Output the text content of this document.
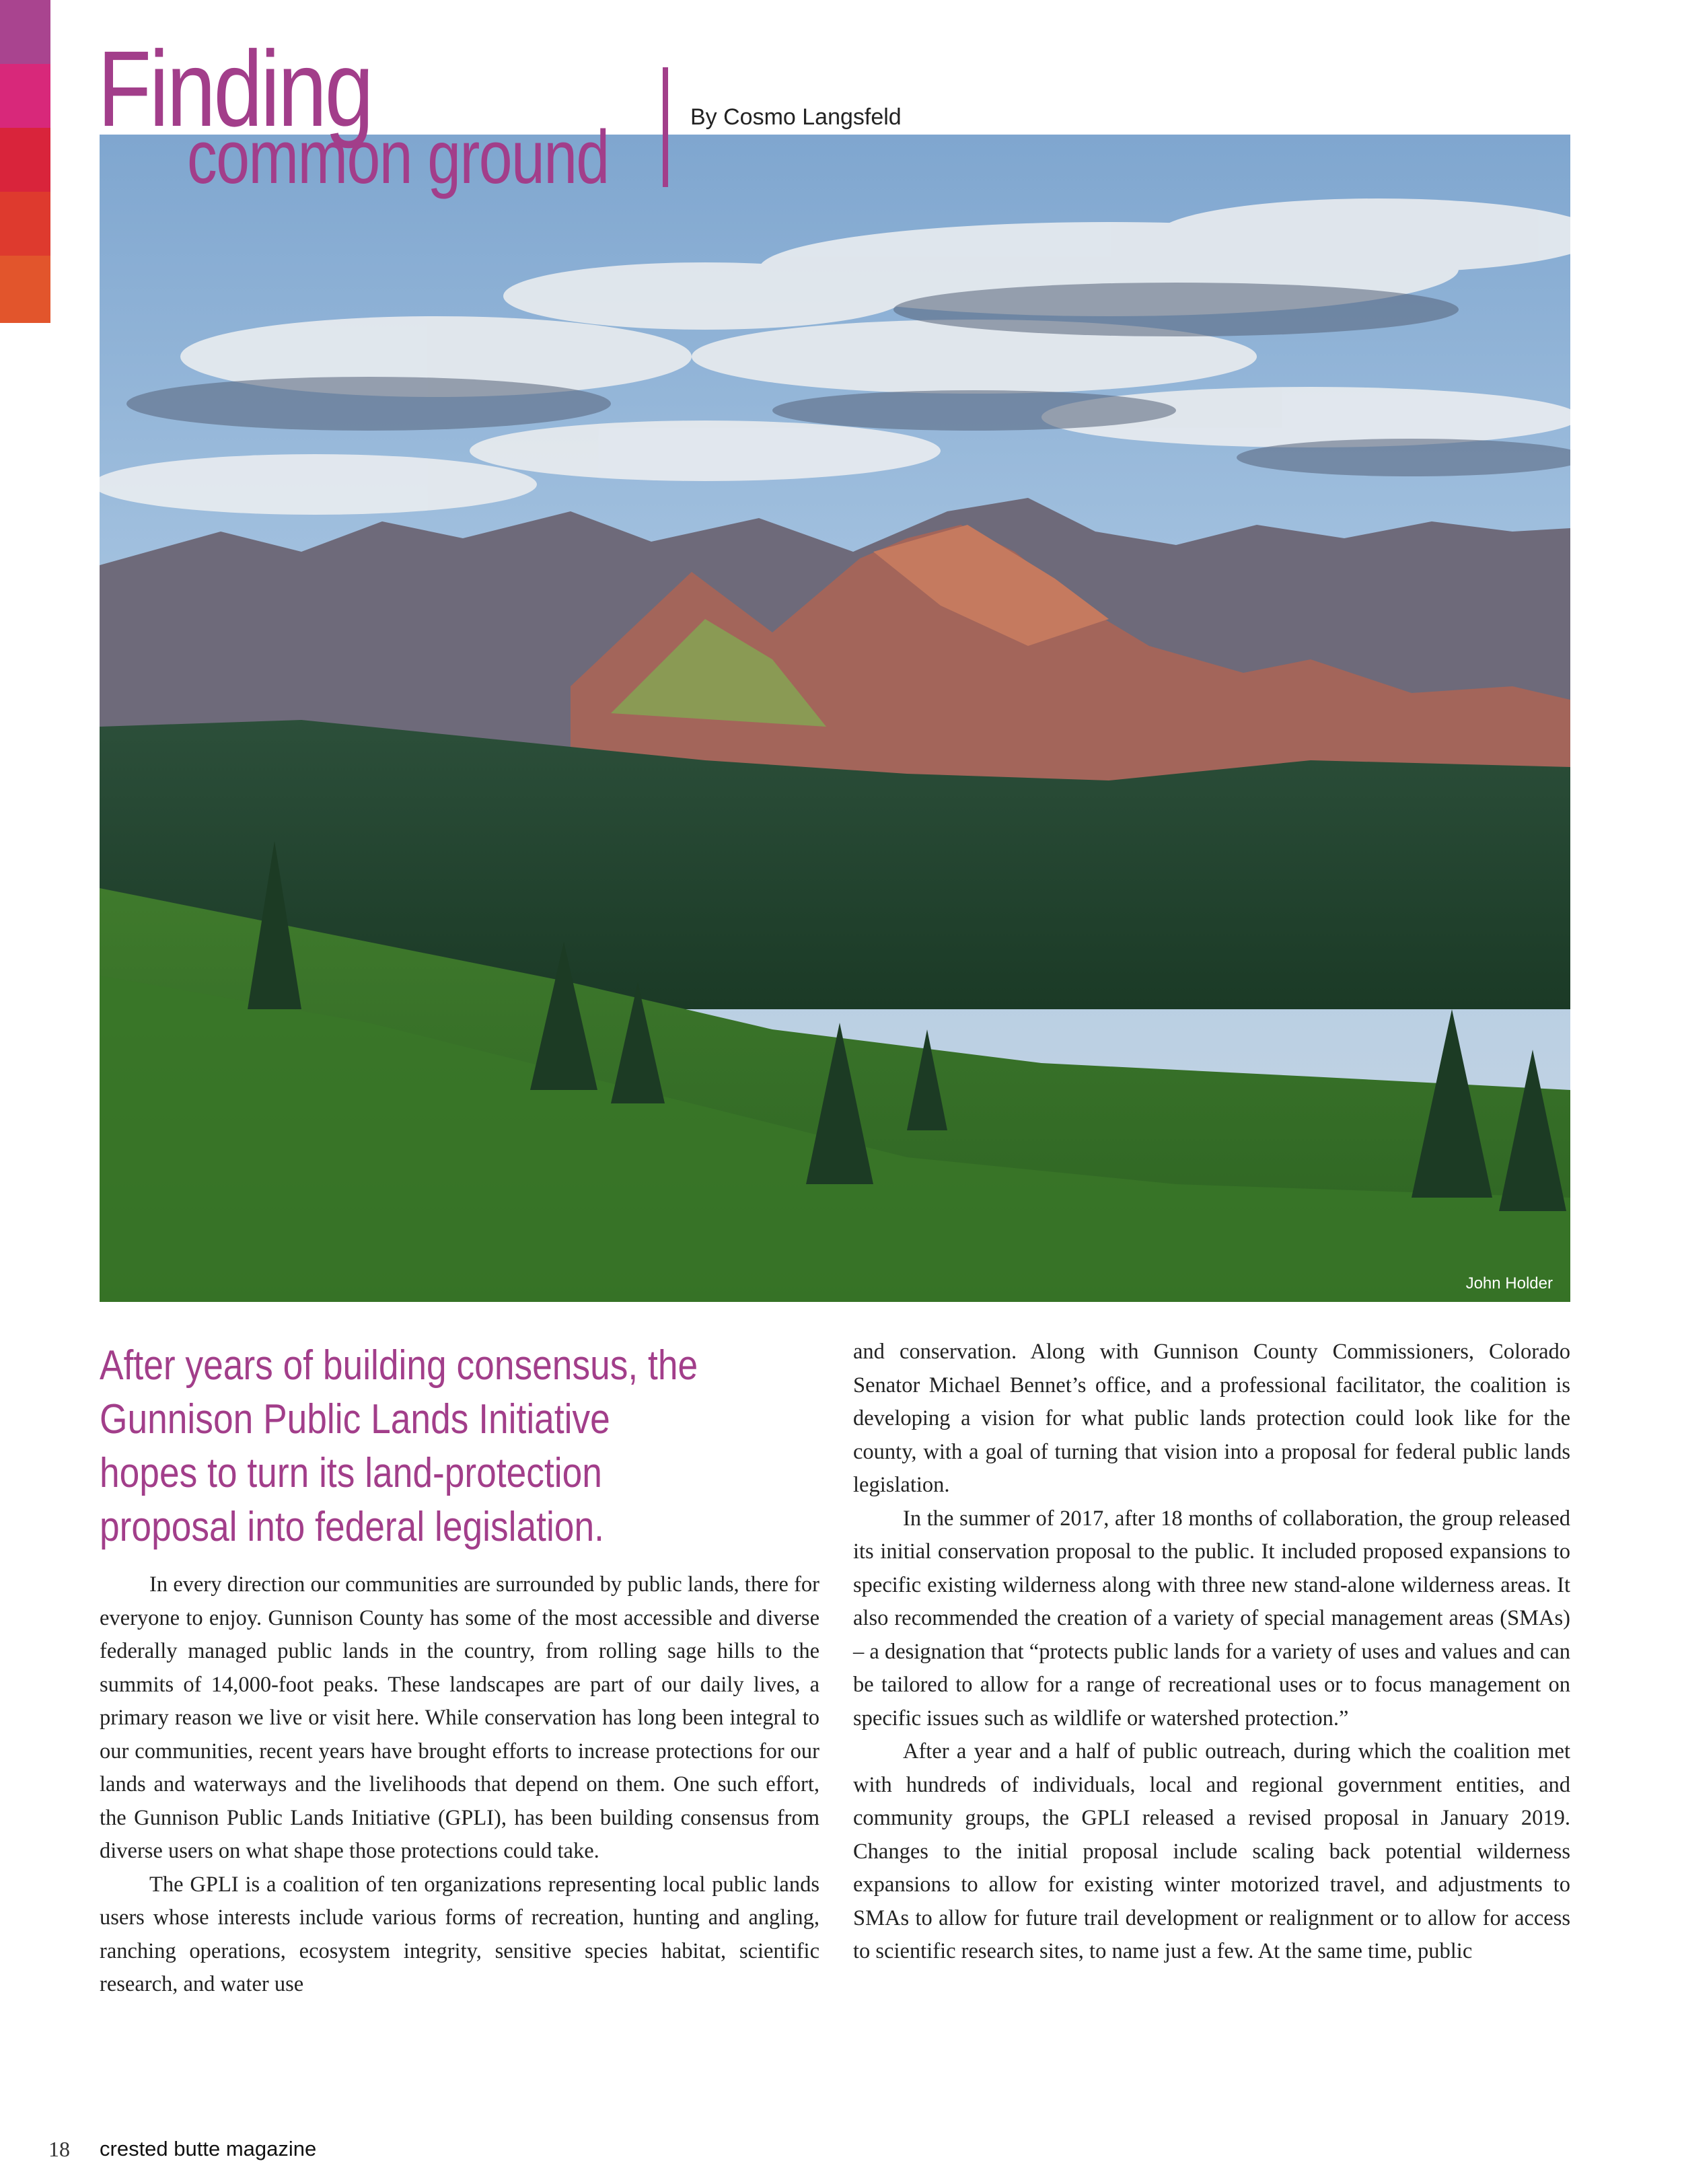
John Holder
Finding
common ground	By Cosmo Langsfeld
After years of building consensus, the Gunnison Public Lands Initiative hopes to turn its land-protection proposal into federal legislation.

In every direction our communities are surrounded by public lands, there for everyone to enjoy. Gunnison County has some of the most accessible and diverse federally managed public lands in the country, from rolling sage hills to the summits of 14,000-foot peaks. These landscapes are part of our daily lives, a primary reason we live or visit here. While conservation has long been integral to our communities, recent years have brought efforts to increase protections for our lands and waterways and the livelihoods that depend on them. One such effort, the Gunnison Public Lands Initiative (GPLI), has been building consensus from diverse users on what shape those protections could take.

The GPLI is a coalition of ten organizations representing local public lands users whose interests include various forms of recreation, hunting and angling, ranching operations, ecosystem integrity, sensitive species habitat, scientific research, and water use

and conservation. Along with Gunnison County Commissioners, Colorado Senator Michael Bennet’s office, and a professional facilitator, the coalition is developing a vision for what public lands protection could look like for the county, with a goal of turning that vision into a proposal for federal public lands legislation.

In the summer of 2017, after 18 months of collaboration, the group released its initial conservation proposal to the public. It included proposed expansions to specific existing wilderness along with three new stand-alone wilderness areas. It also recommended the creation of a variety of special management areas (SMAs) – a designation that “protects public lands for a variety of uses and values and can be tailored to allow for a range of recreational uses or to focus management on specific issues such as wildlife or watershed protection.”

After a year and a half of public outreach, during which the coalition met with hundreds of individuals, local and regional government entities, and community groups, the GPLI released a revised proposal in January 2019. Changes to the initial proposal include scaling back potential wilderness expansions to allow for existing winter motorized travel, and adjustments to SMAs to allow for future trail development or realignment or to allow for access to scientific research sites, to name just a few. At the same time, public

18 crested butte magazine
